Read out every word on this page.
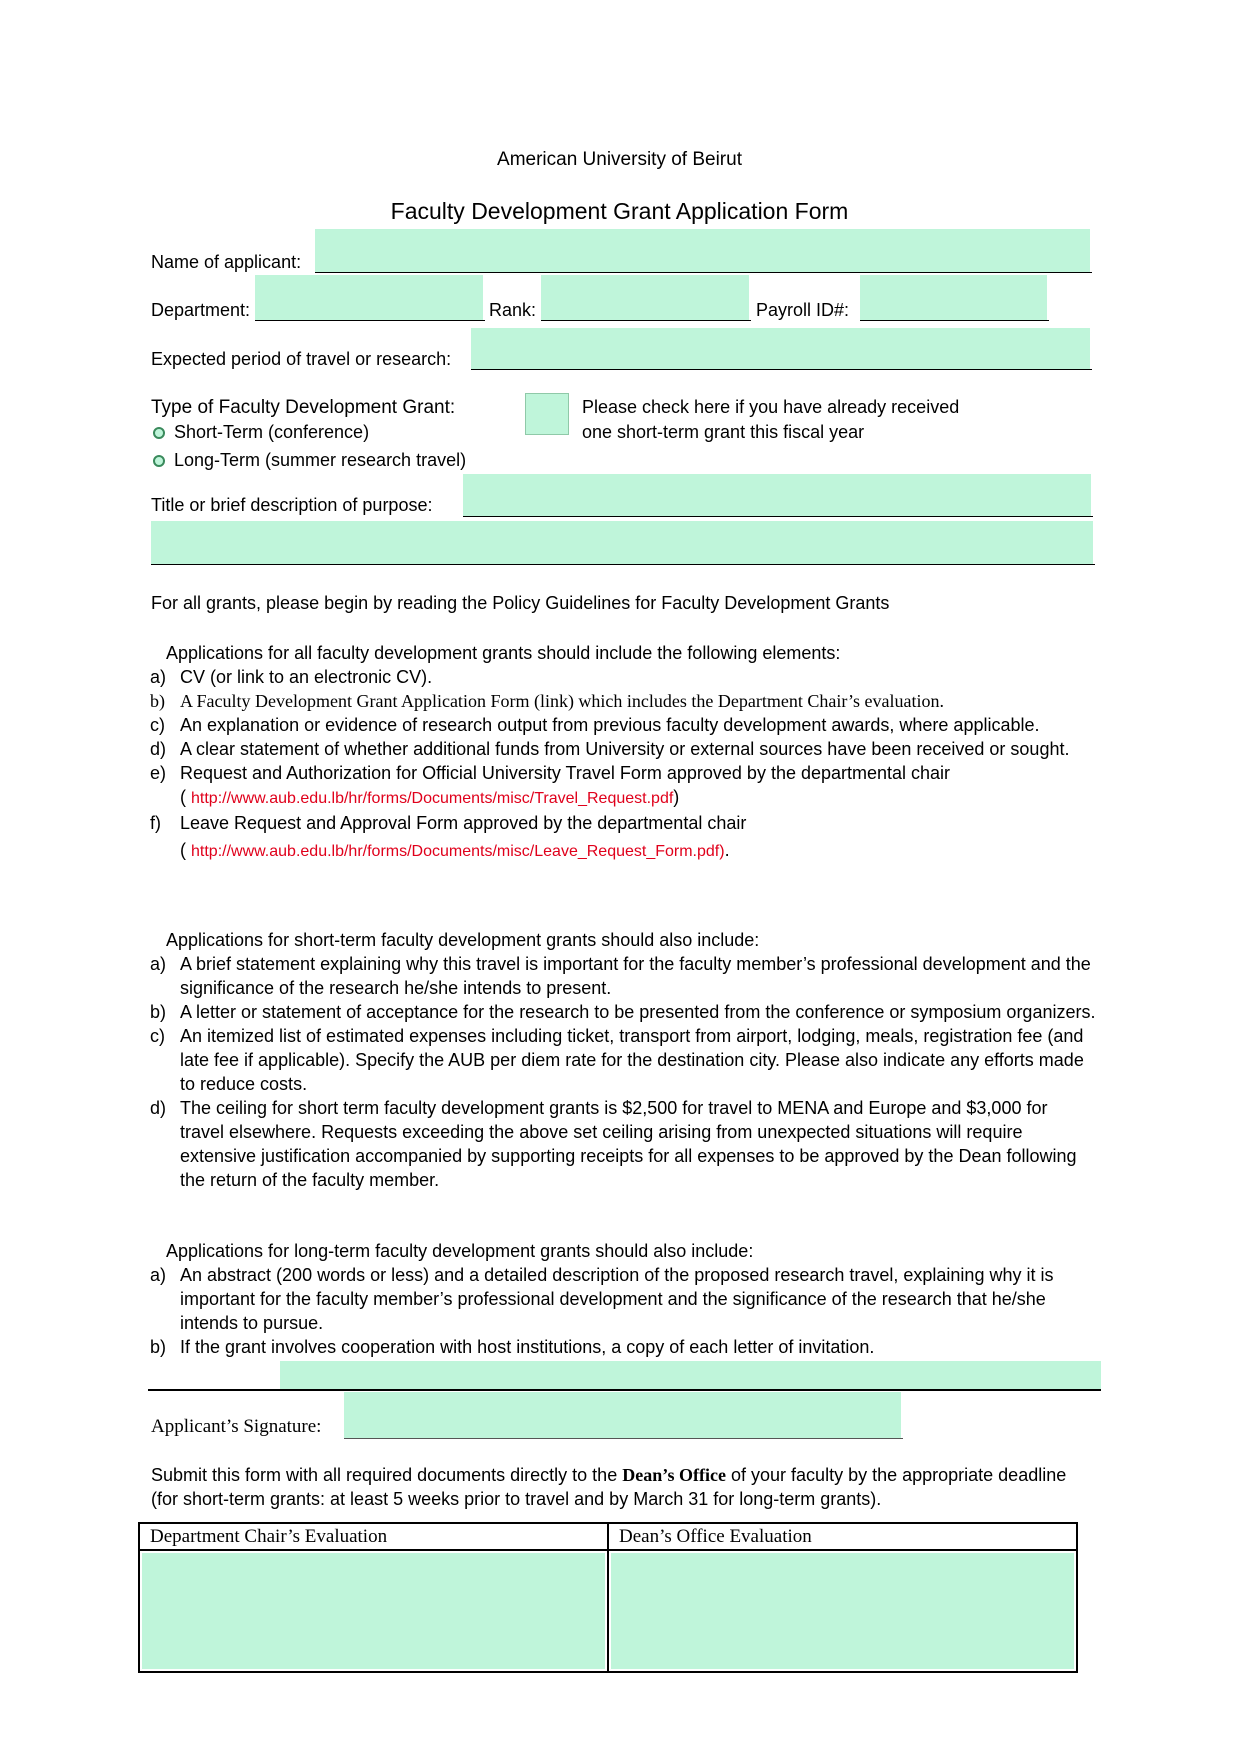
American University of Beirut
Faculty Development Grant Application Form
Name of applicant:
Department:	Rank:	Payroll ID#:
Expected period of travel or research:
Type of Faculty Development Grant:
Short-Term (conference)
Long-Term (summer research travel)
Please check here if you have already received
one short-term grant this fiscal year
Title or brief description of purpose:
For all grants, please begin by reading the Policy Guidelines for Faculty Development Grants
Applications for all faculty development grants should include the following elements:
a) CV (or link to an electronic CV).
b) A Faculty Development Grant Application Form (link) which includes the Department Chair’s evaluation.
c) An explanation or evidence of research output from previous faculty development awards, where applicable.
d) A clear statement of whether additional funds from University or external sources have been received or sought.
e) Request and Authorization for Official University Travel Form approved by the departmental chair
( http://www.aub.edu.lb/hr/forms/Documents/misc/Travel_Request.pdf)
f) Leave Request and Approval Form approved by the departmental chair
( http://www.aub.edu.lb/hr/forms/Documents/misc/Leave_Request_Form.pdf).
Applications for short-term faculty development grants should also include:
a) A brief statement explaining why this travel is important for the faculty member’s professional development and the significance of the research he/she intends to present.
b) A letter or statement of acceptance for the research to be presented from the conference or symposium organizers.
c) An itemized list of estimated expenses including ticket, transport from airport, lodging, meals, registration fee (and late fee if applicable). Specify the AUB per diem rate for the destination city. Please also indicate any efforts made to reduce costs.
d) The ceiling for short term faculty development grants is $2,500 for travel to MENA and Europe and $3,000 for travel elsewhere. Requests exceeding the above set ceiling arising from unexpected situations will require extensive justification accompanied by supporting receipts for all expenses to be approved by the Dean following the return of the faculty member.
Applications for long-term faculty development grants should also include:
a) An abstract (200 words or less) and a detailed description of the proposed research travel, explaining why it is important for the faculty member’s professional development and the significance of the research that he/she intends to pursue.
b) If the grant involves cooperation with host institutions, a copy of each letter of invitation.
Applicant’s Signature:
Submit this form with all required documents directly to the Dean’s Office of your faculty by the appropriate deadline (for short-term grants: at least 5 weeks prior to travel and by March 31 for long-term grants).
Department Chair’s Evaluation	Dean’s Office Evaluation
